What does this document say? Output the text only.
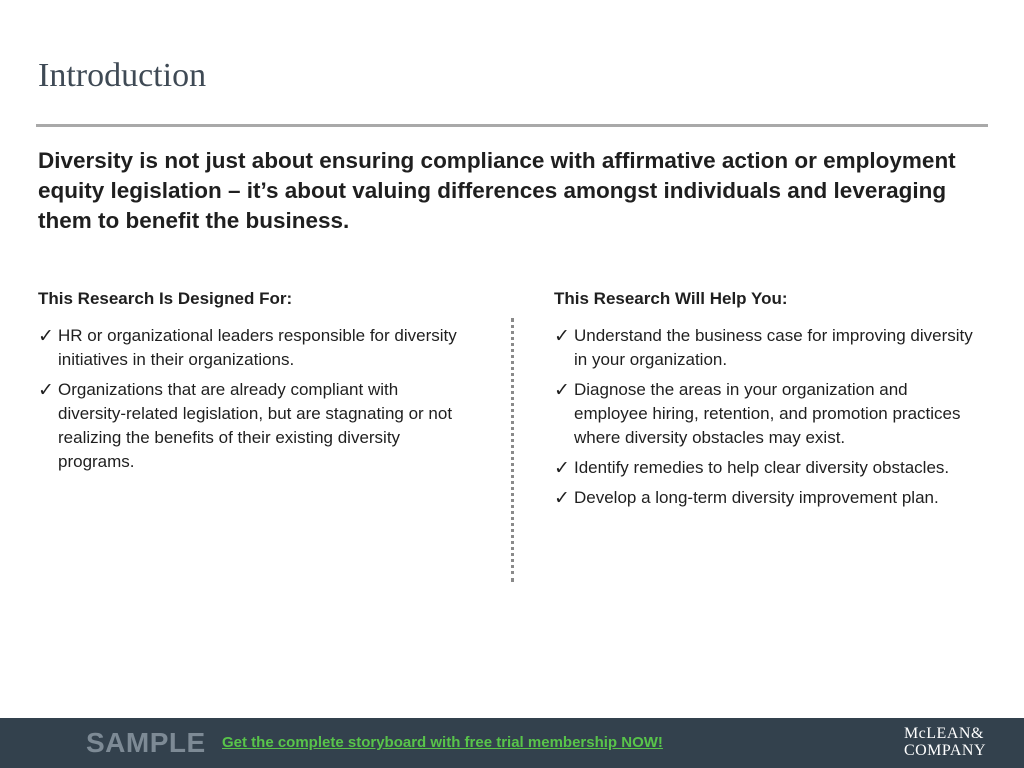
Introduction
Diversity is not just about ensuring compliance with affirmative action or employment equity legislation – it’s about valuing differences amongst individuals and leveraging them to benefit the business.
This Research Is Designed For:
✓ HR or organizational leaders responsible for diversity initiatives in their organizations.
✓ Organizations that are already compliant with diversity-related legislation, but are stagnating or not realizing the benefits of their existing diversity programs.
This Research Will Help You:
✓ Understand the business case for improving diversity in your organization.
✓ Diagnose the areas in your organization and employee hiring, retention, and promotion practices where diversity obstacles may exist.
✓ Identify remedies to help clear diversity obstacles.
✓ Develop a long-term diversity improvement plan.
SAMPLE Get the complete storyboard with free trial membership NOW!
McLEAN&
COMPANY
